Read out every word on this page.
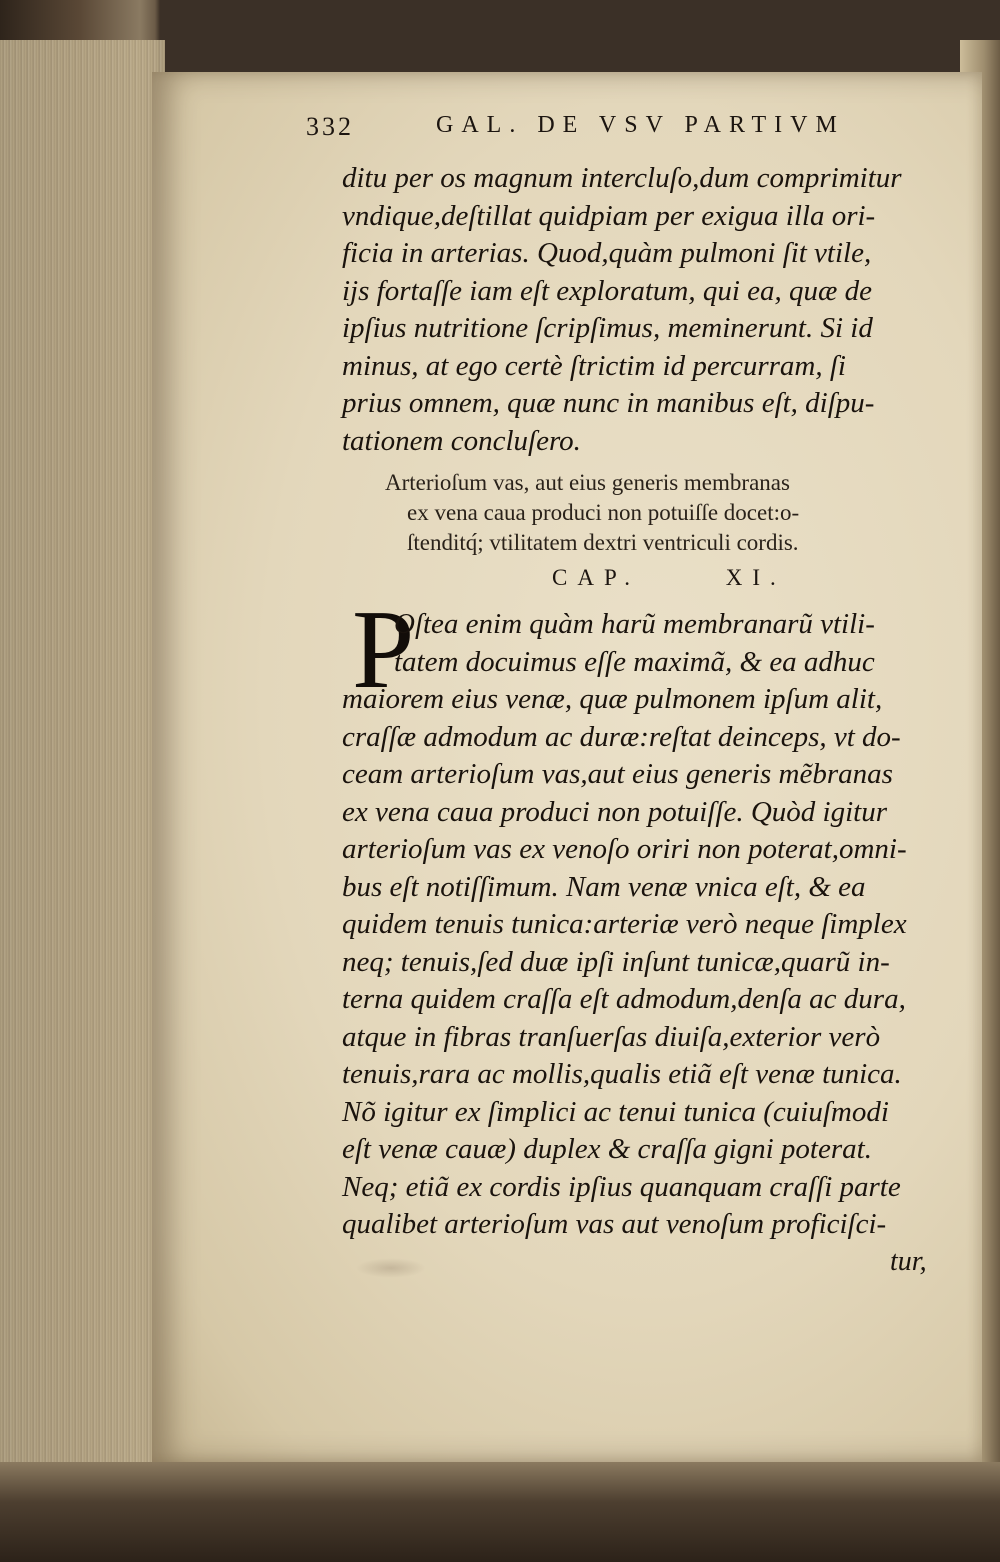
332	GAL. DE VSV PARTIVM
ditu per os magnum intercluſo,dum comprimitur
vndique,deſtillat quidpiam per exigua illa ori-
ficia in arterias. Quod,quàm pulmoni ſit vtile,
ijs fortaſſe iam eſt exploratum, qui ea, quæ de
ipſius nutritione ſcripſimus, meminerunt. Si id
minus, at ego certè ſtrictim id percurram, ſi
prius omnem, quæ nunc in manibus eſt, diſpu-
tationem concluſero.
Arterioſum vas, aut eius generis membranas
ex vena caua produci non potuiſſe docet:o-
ſtenditq́; vtilitatem dextri ventriculi cordis.
CAP.	XI.
P
Oſtea enim quàm harũ membranarũ vtili-
tatem docuimus eſſe maximã, & ea adhuc
maiorem eius venæ, quæ pulmonem ipſum alit,
craſſæ admodum ac duræ:reſtat deinceps, vt do-
ceam arterioſum vas,aut eius generis mẽbranas
ex vena caua produci non potuiſſe. Quòd igitur
arterioſum vas ex venoſo oriri non poterat,omni-
bus eſt notiſſimum. Nam venæ vnica eſt, & ea
quidem tenuis tunica:arteriæ verò neque ſimplex
neq; tenuis,ſed duæ ipſi inſunt tunicæ,quarũ in-
terna quidem craſſa eſt admodum,denſa ac dura,
atque in fibras tranſuerſas diuiſa,exterior verò
tenuis,rara ac mollis,qualis etiã eſt venæ tunica.
Nõ igitur ex ſimplici ac tenui tunica (cuiuſmodi
eſt venæ cauæ) duplex & craſſa gigni poterat.
Neq; etiã ex cordis ipſius quanquam craſſi parte
qualibet arterioſum vas aut venoſum proficiſci-
tur,
